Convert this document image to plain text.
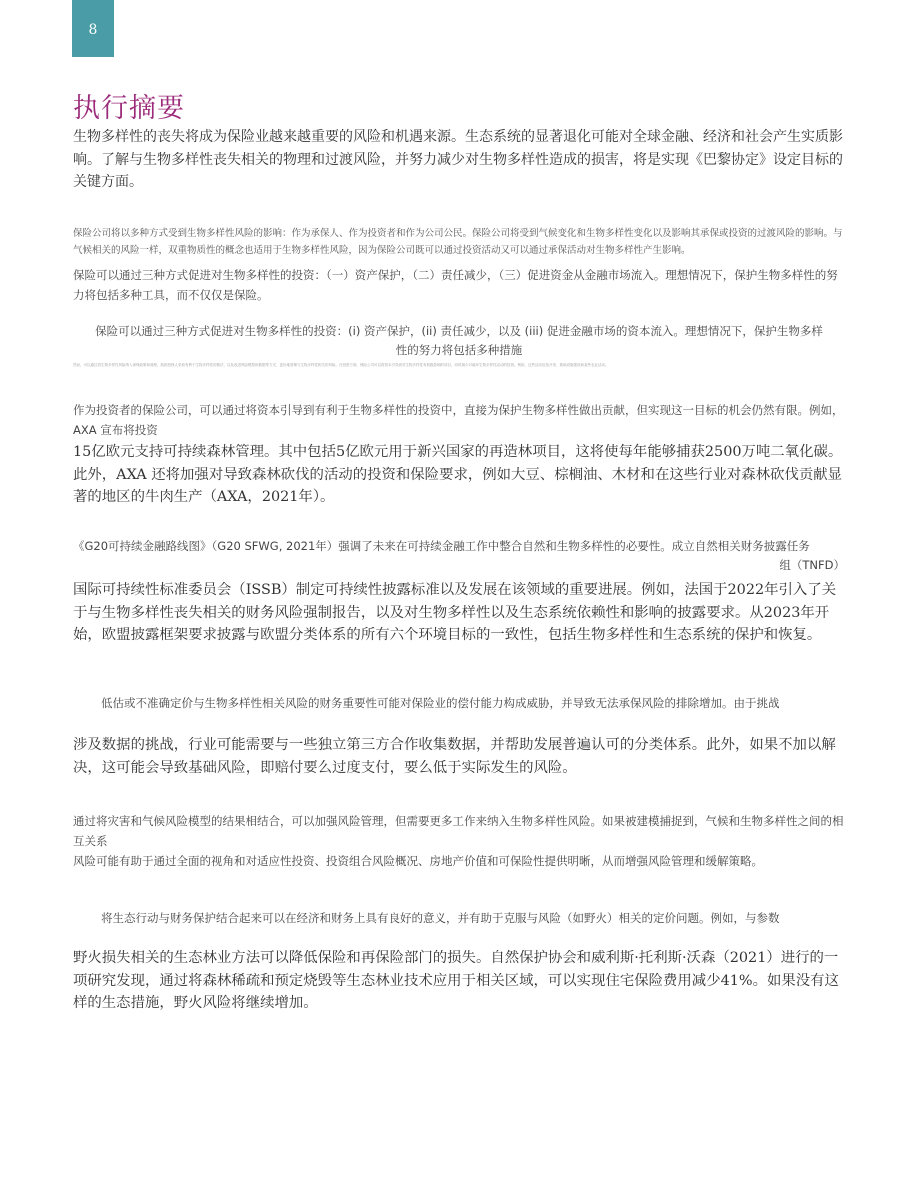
8
执行摘要

生物多样性的丧失将成为保险业越来越重要的风险和机遇来源。生态系统的显著退化可能对全球金融、经济和社会产生实质影响。了解与生物多样性丧失相关的物理和过渡风险，并努力减少对生物多样性造成的损害，将是实现《巴黎协定》设定目标的关键方面。

保险公司将以多种方式受到生物多样性风险的影响：作为承保人、作为投资者和作为公司公民。保险公司将受到气候变化和生物多样性变化以及影响其承保或投资的过渡风险的影响。与气候相关的风险一样，双重物质性的概念也适用于生物多样性风险，因为保险公司既可以通过投资活动又可以通过承保活动对生物多样性产生影响。

保险可以通过三种方式促进对生物多样性的投资：（一）资产保护，（二）责任减少，（三）促进资金从金融市场流入。理想情况下，保护生物多样性的努力将包括多种工具，而不仅仅是保险。

保险可以通过三种方式促进对生物多样性的投资：(i) 资产保护，(ii) 责任减少，以及 (iii) 促进金融市场的资本流入。理想情况下，保护生物多样
性的努力将包括多种措施
然而，可以通过将生物多样性风险纳入承保政策和流程、鼓励投保人采取有利于生物多样性的做法、以及改进风险模型和数据等方式，更好地管理与生物多样性相关的风险。在投资方面，保险公司可以将资本引导到对生物多样性有积极影响的项目，同时减少对破坏生物多样性活动的投资。例如，这些活动包括开采、基础设施建设和某些农业活动。

作为投资者的保险公司，可以通过将资本引导到有利于生物多样性的投资中，直接为保护生物多样性做出贡献，但实现这一目标的机会仍然有限。例如，AXA 宣布将投资

15亿欧元支持可持续森林管理。其中包括5亿欧元用于新兴国家的再造林项目，这将使每年能够捕获2500万吨二氧化碳。此外，AXA 还将加强对导致森林砍伐的活动的投资和保险要求，例如大豆、棕榈油、木材和在这些行业对森林砍伐贡献显著的地区的牛肉生产（AXA，2021年）。

《G20可持续金融路线图》（G20 SFWG, 2021年）强调了未来在可持续金融工作中整合自然和生物多样性的必要性。成立自然相关财务披露任务
组（TNFD）

国际可持续性标准委员会（ISSB）制定可持续性披露标准以及发展在该领域的重要进展。例如，法国于2022年引入了关于与生物多样性丧失相关的财务风险强制报告，以及对生物多样性以及生态系统依赖性和影响的披露要求。从2023年开始，欧盟披露框架要求披露与欧盟分类体系的所有六个环境目标的一致性，包括生物多样性和生态系统的保护和恢复。

低估或不准确定价与生物多样性相关风险的财务重要性可能对保险业的偿付能力构成威胁，并导致无法承保风险的排除增加。由于挑战

涉及数据的挑战，行业可能需要与一些独立第三方合作收集数据，并帮助发展普遍认可的分类体系。此外，如果不加以解决，这可能会导致基础风险，即赔付要么过度支付，要么低于实际发生的风险。

通过将灾害和气候风险模型的结果相结合，可以加强风险管理，但需要更多工作来纳入生物多样性风险。如果被建模捕捉到，气候和生物多样性之间的相互关系

风险可能有助于通过全面的视角和对适应性投资、投资组合风险概况、房地产价值和可保险性提供明晰，从而增强风险管理和缓解策略。

将生态行动与财务保护结合起来可以在经济和财务上具有良好的意义，并有助于克服与风险（如野火）相关的定价问题。例如，与参数

野火损失相关的生态林业方法可以降低保险和再保险部门的损失。自然保护协会和威利斯·托利斯·沃森（2021）进行的一项研究发现，通过将森林稀疏和预定烧毁等生态林业技术应用于相关区域，可以实现住宅保险费用减少41%。如果没有这样的生态措施，野火风险将继续增加。
